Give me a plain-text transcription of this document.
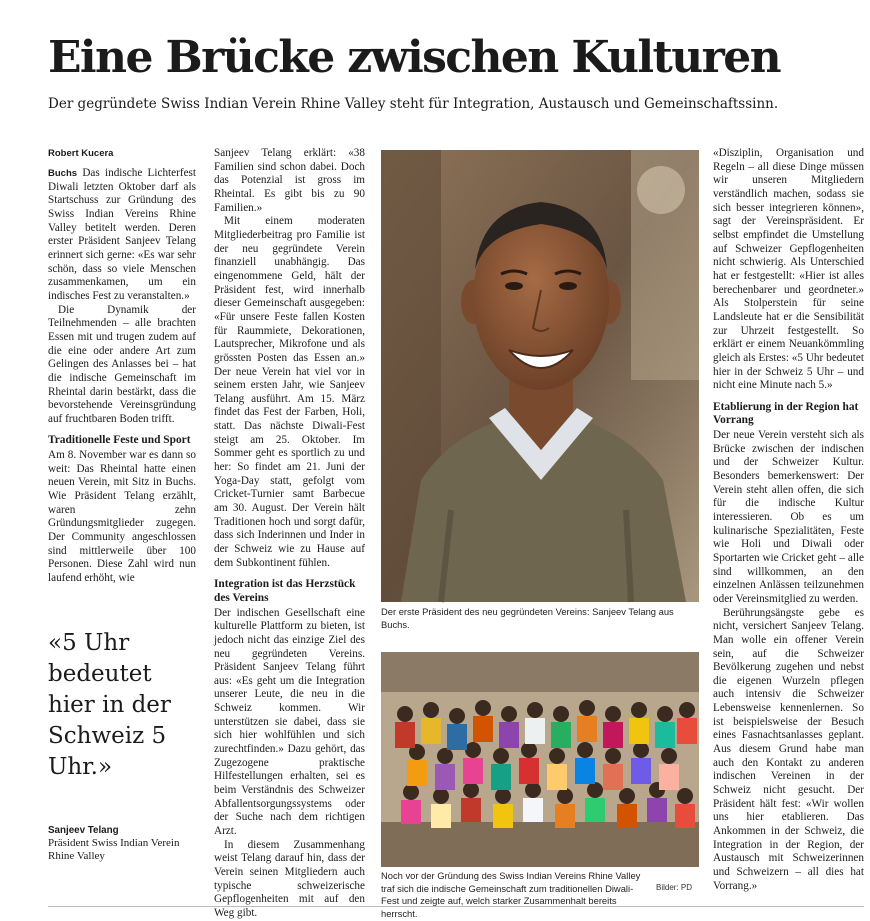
Eine Brücke zwischen Kulturen
Der gegründete Swiss Indian Verein Rhine Valley steht für Integration, Austausch und Gemeinschaftssinn.
Robert Kucera

Buchs Das indische Lichterfest Diwali letzten Oktober darf als Startschuss zur Gründung des Swiss Indian Vereins Rhine Valley betitelt werden. Deren erster Präsident Sanjeev Telang erinnert sich gerne: «Es war sehr schön, dass so viele Menschen zusammenkamen, um ein indisches Fest zu veranstalten.»

Die Dynamik der Teilnehmenden – alle brachten Essen mit und trugen zudem auf die eine oder andere Art zum Gelingen des Anlasses bei – hat die indische Gemeinschaft im Rheintal darin bestärkt, dass die bevorstehende Vereinsgründung auf fruchtbaren Boden trifft.

Traditionelle Feste und Sport

Am 8. November war es dann so weit: Das Rheintal hatte einen neuen Verein, mit Sitz in Buchs. Wie Präsident Telang erzählt, waren zehn Gründungsmitglieder zugegen. Der Community angeschlossen sind mittlerweile über 100 Personen. Diese Zahl wird nun laufend erhöht, wie

«5 Uhr bedeutet hier in der Schweiz 5 Uhr.»
Sanjeev Telang
Präsident Swiss Indian Verein Rhine Valley

Sanjeev Telang erklärt: «38 Familien sind schon dabei. Doch das Potenzial ist gross im Rheintal. Es gibt bis zu 90 Familien.»

Mit einem moderaten Mitgliederbeitrag pro Familie ist der neu gegründete Verein finanziell unabhängig. Das eingenommene Geld, hält der Präsident fest, wird innerhalb dieser Gemeinschaft ausgegeben: «Für unsere Feste fallen Kosten für Raummiete, Dekorationen, Lautsprecher, Mikrofone und als grössten Posten das Essen an.» Der neue Verein hat viel vor in seinem ersten Jahr, wie Sanjeev Telang ausführt. Am 15. März findet das Fest der Farben, Holi, statt. Das nächste Diwali-Fest steigt am 25. Oktober. Im Sommer geht es sportlich zu und her: So findet am 21. Juni der Yoga-Day statt, gefolgt vom Cricket-Turnier samt Barbecue am 30. August. Der Verein hält Traditionen hoch und sorgt dafür, dass sich Inderinnen und Inder in der Schweiz wie zu Hause auf dem Subkontinent fühlen.

Integration ist das Herzstück des Vereins

Der indischen Gesellschaft eine kulturelle Plattform zu bieten, ist jedoch nicht das einzige Ziel des neu gegründeten Vereins. Präsident Sanjeev Telang führt aus: «Es geht um die Integration unserer Leute, die neu in die Schweiz kommen. Wir unterstützen sie dabei, dass sie sich hier wohlfühlen und sich zurechtfinden.» Dazu gehört, das Zugezogene praktische Hilfestellungen erhalten, sei es beim Verständnis des Schweizer Abfallentsorgungssystems oder der Suche nach dem richtigen Arzt.

In diesem Zusammenhang weist Telang darauf hin, dass der Verein seinen Mitgliedern auch typische schweizerische Gepflogenheiten mit auf den Weg gibt.

Der erste Präsident des neu gegründeten Vereins: Sanjeev Telang aus Buchs.
Noch vor der Gründung des Swiss Indian Vereins Rhine Valley traf sich die indische Gemeinschaft zum traditionellen Diwali-Fest und zeigte auf, welch starker Zusammenhalt bereits herrscht.
Bilder: PD

«Disziplin, Organisation und Regeln – all diese Dinge müssen wir unseren Mitgliedern verständlich machen, sodass sie sich besser integrieren können», sagt der Vereinspräsident. Er selbst empfindet die Umstellung auf Schweizer Gepflogenheiten nicht schwierig. Als Unterschied hat er festgestellt: «Hier ist alles berechenbarer und geordneter.» Als Stolperstein für seine Landsleute hat er die Sensibilität zur Uhrzeit festgestellt. So erklärt er einem Neuankömmling gleich als Erstes: «5 Uhr bedeutet hier in der Schweiz 5 Uhr – und nicht eine Minute nach 5.»

Etablierung in der Region hat Vorrang

Der neue Verein versteht sich als Brücke zwischen der indischen und der Schweizer Kultur. Besonders bemerkenswert: Der Verein steht allen offen, die sich für die indische Kultur interessieren. Ob es um kulinarische Spezialitäten, Feste wie Holi und Diwali oder Sportarten wie Cricket geht – alle sind willkommen, an den einzelnen Anlässen teilzunehmen oder Vereinsmitglied zu werden.

Berührungsängste gebe es nicht, versichert Sanjeev Telang. Man wolle ein offener Verein sein, auf die Schweizer Bevölkerung zugehen und nebst die eigenen Wurzeln pflegen auch intensiv die Schweizer Lebensweise kennenlernen. So ist beispielsweise der Besuch eines Fasnachtsanlasses geplant. Aus diesem Grund habe man auch den Kontakt zu anderen indischen Vereinen in der Schweiz nicht gesucht. Der Präsident hält fest: «Wir wollen uns hier etablieren. Das Ankommen in der Schweiz, die Integration in der Region, der Austausch mit Schweizerinnen und Schweizern – all dies hat Vorrang.»
